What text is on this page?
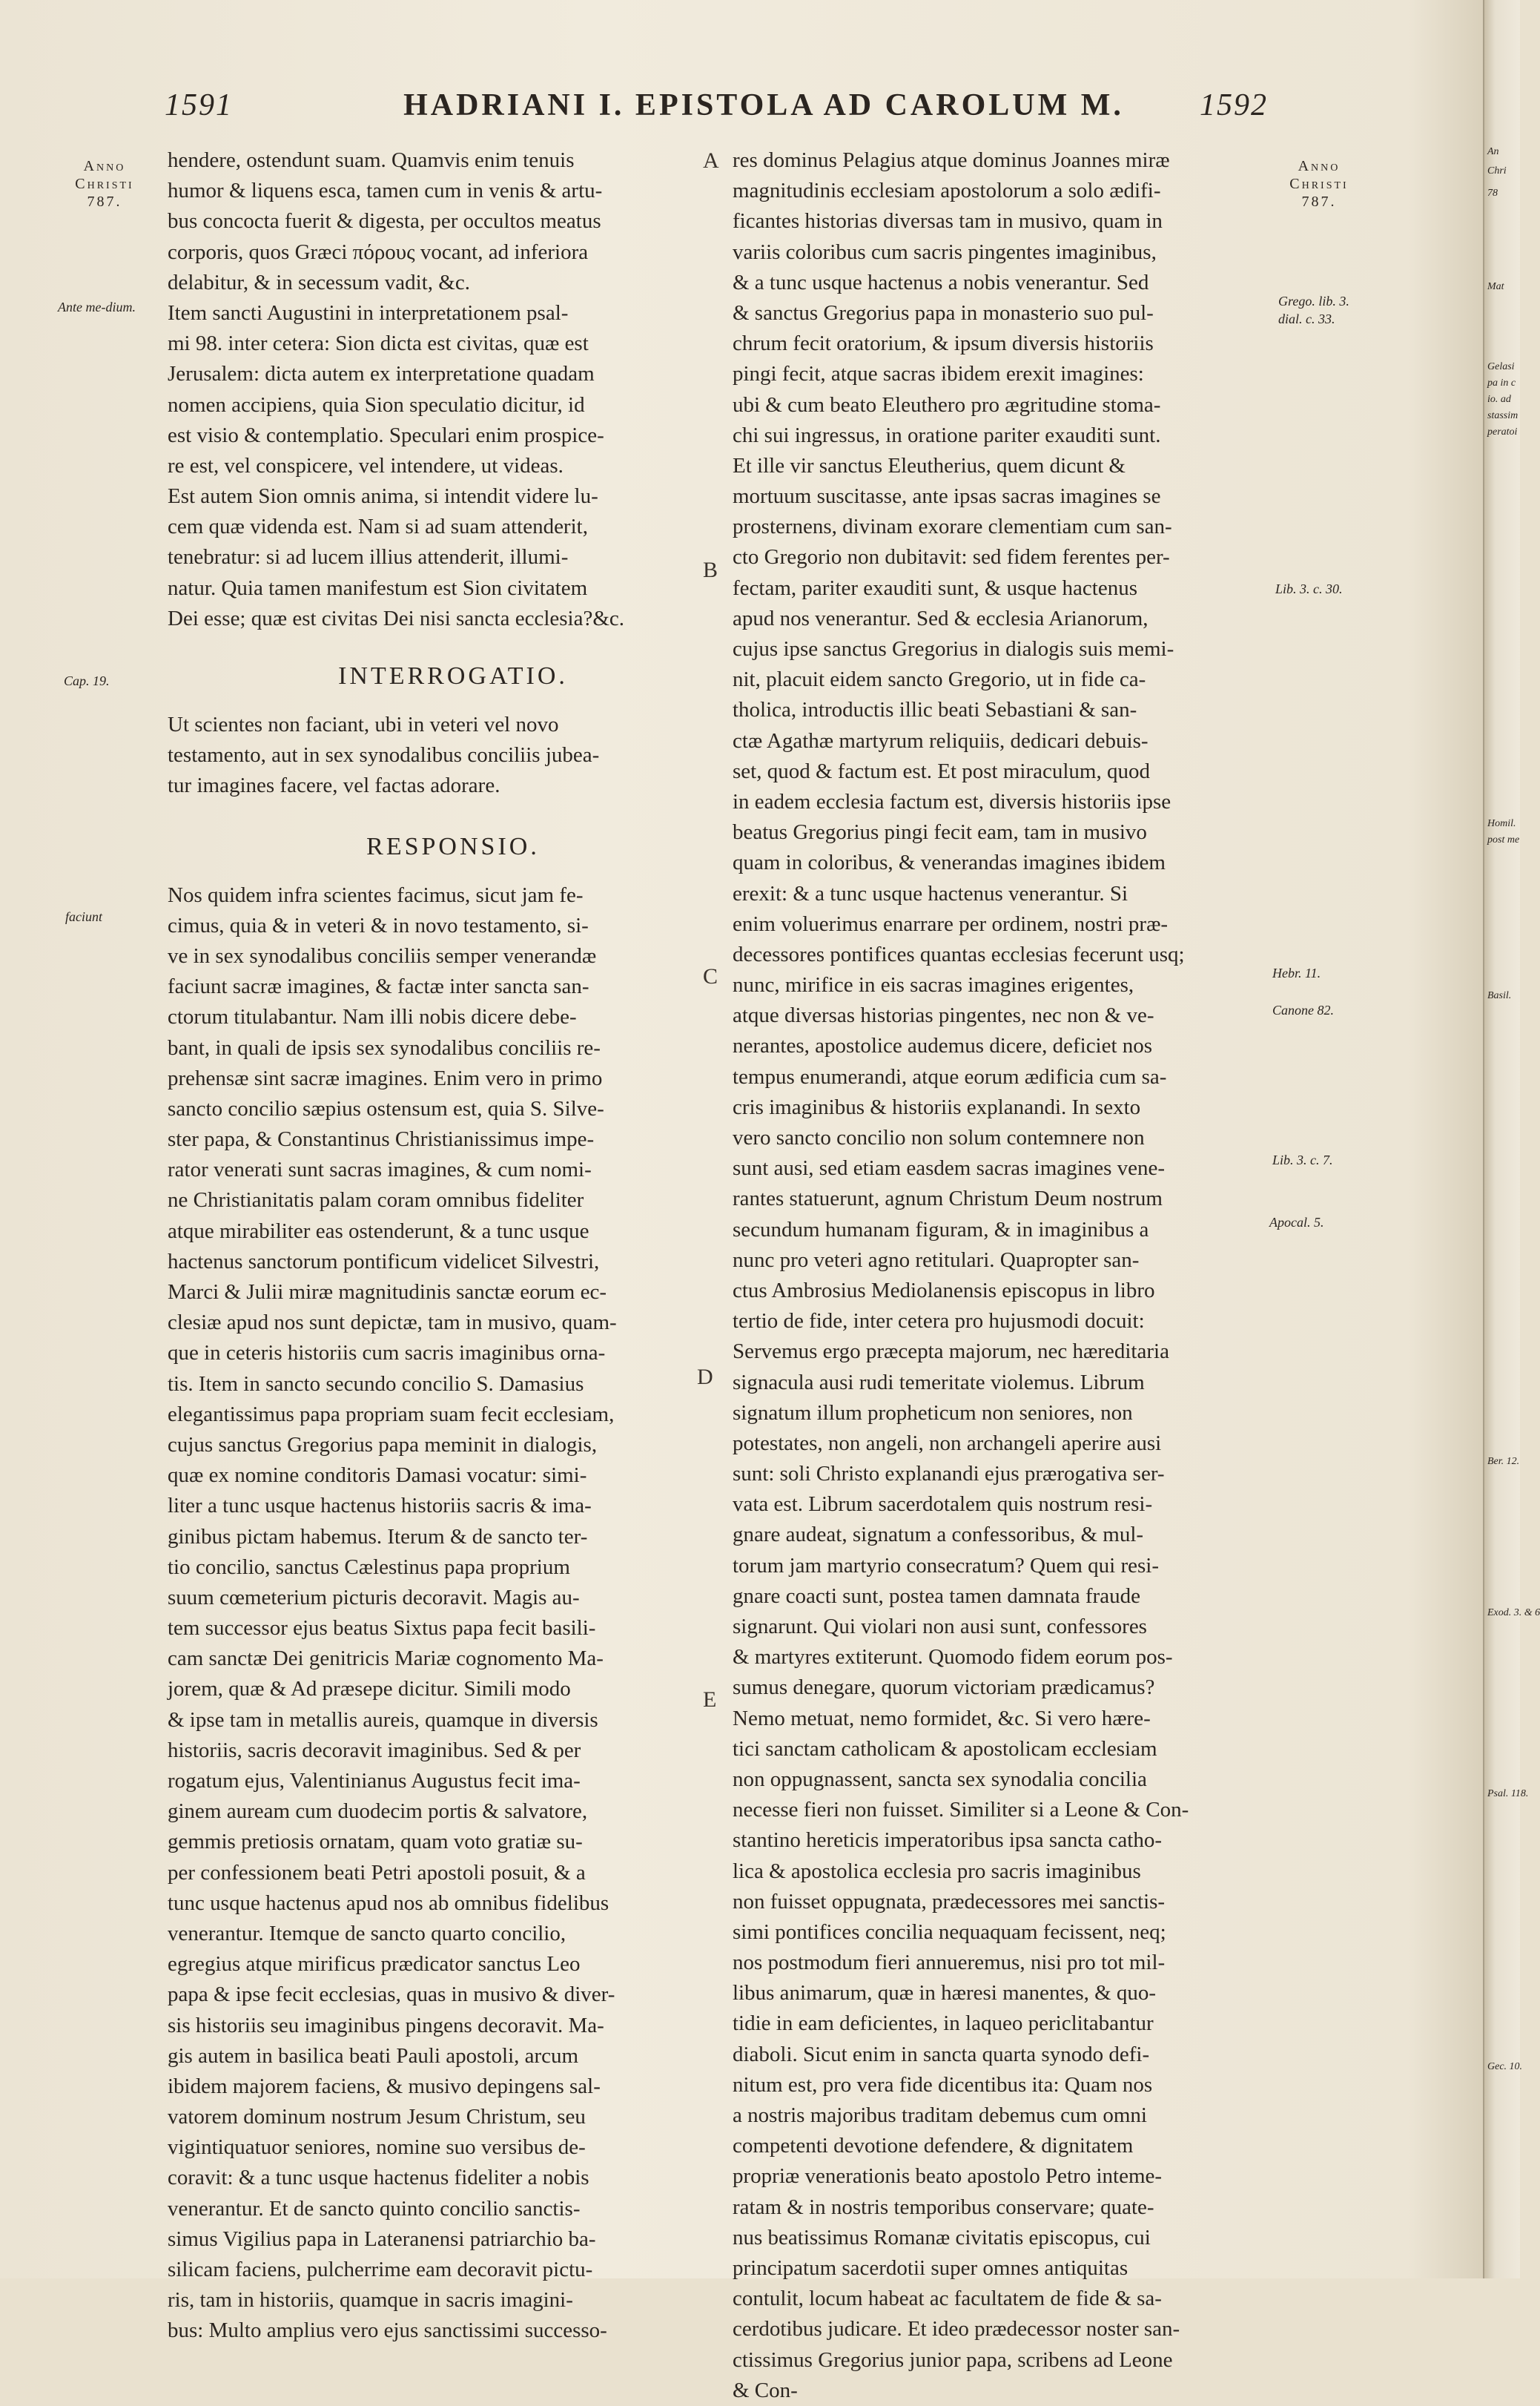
1591	HADRIANI I. EPISTOLA AD CAROLUM M.	1592
Anno
Christi
787.
Ante me-dium.
Cap. 19.
faciunt
A
B
C
D
E
hendere, ostendunt suam. Quamvis enim tenuis
humor & liquens esca, tamen cum in venis & artu-
bus concocta fuerit & digesta, per occultos meatus
corporis, quos Græci πόρους vocant, ad inferiora
delabitur, & in secessum vadit, &c.
Item sancti Augustini in interpretationem psal-
mi 98. inter cetera: Sion dicta est civitas, quæ est
Jerusalem: dicta autem ex interpretatione quadam
nomen accipiens, quia Sion speculatio dicitur, id
est visio & contemplatio. Speculari enim prospice-
re est, vel conspicere, vel intendere, ut videas.
Est autem Sion omnis anima, si intendit videre lu-
cem quæ videnda est. Nam si ad suam attenderit,
tenebratur: si ad lucem illius attenderit, illumi-
natur. Quia tamen manifestum est Sion civitatem
Dei esse; quæ est civitas Dei nisi sancta ecclesia?&c.
INTERROGATIO.
Ut scientes non faciant, ubi in veteri vel novo
testamento, aut in sex synodalibus conciliis jubea-
tur imagines facere, vel factas adorare.
RESPONSIO.
Nos quidem infra scientes facimus, sicut jam fe-
cimus, quia & in veteri & in novo testamento, si-
ve in sex synodalibus conciliis semper venerandæ
faciunt sacræ imagines, & factæ inter sancta san-
ctorum titulabantur. Nam illi nobis dicere debe-
bant, in quali de ipsis sex synodalibus conciliis re-
prehensæ sint sacræ imagines. Enim vero in primo
sancto concilio sæpius ostensum est, quia S. Silve-
ster papa, & Constantinus Christianissimus impe-
rator venerati sunt sacras imagines, & cum nomi-
ne Christianitatis palam coram omnibus fideliter
atque mirabiliter eas ostenderunt, & a tunc usque
hactenus sanctorum pontificum videlicet Silvestri,
Marci & Julii miræ magnitudinis sanctæ eorum ec-
clesiæ apud nos sunt depictæ, tam in musivo, quam-
que in ceteris historiis cum sacris imaginibus orna-
tis. Item in sancto secundo concilio S. Damasius
elegantissimus papa propriam suam fecit ecclesiam,
cujus sanctus Gregorius papa meminit in dialogis,
quæ ex nomine conditoris Damasi vocatur: simi-
liter a tunc usque hactenus historiis sacris & ima-
ginibus pictam habemus. Iterum & de sancto ter-
tio concilio, sanctus Cælestinus papa proprium
suum cœmeterium picturis decoravit. Magis au-
tem successor ejus beatus Sixtus papa fecit basili-
cam sanctæ Dei genitricis Mariæ cognomento Ma-
jorem, quæ & Ad præsepe dicitur. Simili modo
& ipse tam in metallis aureis, quamque in diversis
historiis, sacris decoravit imaginibus. Sed & per
rogatum ejus, Valentinianus Augustus fecit ima-
ginem auream cum duodecim portis & salvatore,
gemmis pretiosis ornatam, quam voto gratiæ su-
per confessionem beati Petri apostoli posuit, & a
tunc usque hactenus apud nos ab omnibus fidelibus
venerantur. Itemque de sancto quarto concilio,
egregius atque mirificus prædicator sanctus Leo
papa & ipse fecit ecclesias, quas in musivo & diver-
sis historiis seu imaginibus pingens decoravit. Ma-
gis autem in basilica beati Pauli apostoli, arcum
ibidem majorem faciens, & musivo depingens sal-
vatorem dominum nostrum Jesum Christum, seu
vigintiquatuor seniores, nomine suo versibus de-
coravit: & a tunc usque hactenus fideliter a nobis
venerantur. Et de sancto quinto concilio sanctis-
simus Vigilius papa in Lateranensi patriarchio ba-
silicam faciens, pulcherrime eam decoravit pictu-
ris, tam in historiis, quamque in sacris imagini-
bus: Multo amplius vero ejus sanctissimi successo-
res dominus Pelagius atque dominus Joannes miræ
magnitudinis ecclesiam apostolorum a solo ædifi-
ficantes historias diversas tam in musivo, quam in
variis coloribus cum sacris pingentes imaginibus,
& a tunc usque hactenus a nobis venerantur. Sed
& sanctus Gregorius papa in monasterio suo pul-
chrum fecit oratorium, & ipsum diversis historiis
pingi fecit, atque sacras ibidem erexit imagines:
ubi & cum beato Eleuthero pro ægritudine stoma-
chi sui ingressus, in oratione pariter exauditi sunt.
Et ille vir sanctus Eleutherius, quem dicunt &
mortuum suscitasse, ante ipsas sacras imagines se
prosternens, divinam exorare clementiam cum san-
cto Gregorio non dubitavit: sed fidem ferentes per-
fectam, pariter exauditi sunt, & usque hactenus
apud nos venerantur. Sed & ecclesia Arianorum,
cujus ipse sanctus Gregorius in dialogis suis memi-
nit, placuit eidem sancto Gregorio, ut in fide ca-
tholica, introductis illic beati Sebastiani & san-
ctæ Agathæ martyrum reliquiis, dedicari debuis-
set, quod & factum est. Et post miraculum, quod
in eadem ecclesia factum est, diversis historiis ipse
beatus Gregorius pingi fecit eam, tam in musivo
quam in coloribus, & venerandas imagines ibidem
erexit: & a tunc usque hactenus venerantur. Si
enim voluerimus enarrare per ordinem, nostri præ-
decessores pontifices quantas ecclesias fecerunt usq;
nunc, mirifice in eis sacras imagines erigentes,
atque diversas historias pingentes, nec non & ve-
nerantes, apostolice audemus dicere, deficiet nos
tempus enumerandi, atque eorum ædificia cum sa-
cris imaginibus & historiis explanandi. In sexto
vero sancto concilio non solum contemnere non
sunt ausi, sed etiam easdem sacras imagines vene-
rantes statuerunt, agnum Christum Deum nostrum
secundum humanam figuram, & in imaginibus a
nunc pro veteri agno retitulari. Quapropter san-
ctus Ambrosius Mediolanensis episcopus in libro
tertio de fide, inter cetera pro hujusmodi docuit:
Servemus ergo præcepta majorum, nec hæreditaria
signacula ausi rudi temeritate violemus. Librum
signatum illum propheticum non seniores, non
potestates, non angeli, non archangeli aperire ausi
sunt: soli Christo explanandi ejus prærogativa ser-
vata est. Librum sacerdotalem quis nostrum resi-
gnare audeat, signatum a confessoribus, & mul-
torum jam martyrio consecratum? Quem qui resi-
gnare coacti sunt, postea tamen damnata fraude
signarunt. Qui violari non ausi sunt, confessores
& martyres extiterunt. Quomodo fidem eorum pos-
sumus denegare, quorum victoriam prædicamus?
Nemo metuat, nemo formidet, &c. Si vero hære-
tici sanctam catholicam & apostolicam ecclesiam
non oppugnassent, sancta sex synodalia concilia
necesse fieri non fuisset. Similiter si a Leone & Con-
stantino hereticis imperatoribus ipsa sancta catho-
lica & apostolica ecclesia pro sacris imaginibus
non fuisset oppugnata, prædecessores mei sanctis-
simi pontifices concilia nequaquam fecissent, neq;
nos postmodum fieri annueremus, nisi pro tot mil-
libus animarum, quæ in hæresi manentes, & quo-
tidie in eam deficientes, in laqueo periclitabantur
diaboli. Sicut enim in sancta quarta synodo defi-
nitum est, pro vera fide dicentibus ita: Quam nos
a nostris majoribus traditam debemus cum omni
competenti devotione defendere, & dignitatem
propriæ venerationis beato apostolo Petro inteme-
ratam & in nostris temporibus conservare; quate-
nus beatissimus Romanæ civitatis episcopus, cui
principatum sacerdotii super omnes antiquitas
contulit, locum habeat ac facultatem de fide & sa-
cerdotibus judicare. Et ideo prædecessor noster san-
ctissimus Gregorius junior papa, scribens ad Leone
& Con-
Anno
Christi
787.
Grego. lib. 3. dial. c. 33.
Lib. 3. c. 30.
Hebr. 11.
Canone 82.
Lib. 3. c. 7.
Apocal. 5.
An
Chri
78
Mat
Gelasi
pa in c
io. ad
stassim
peratoi
Homil.
post me
Basil.
Ber. 12.
Exod. 3. & 6
Psal. 118.
Gec. 10.
